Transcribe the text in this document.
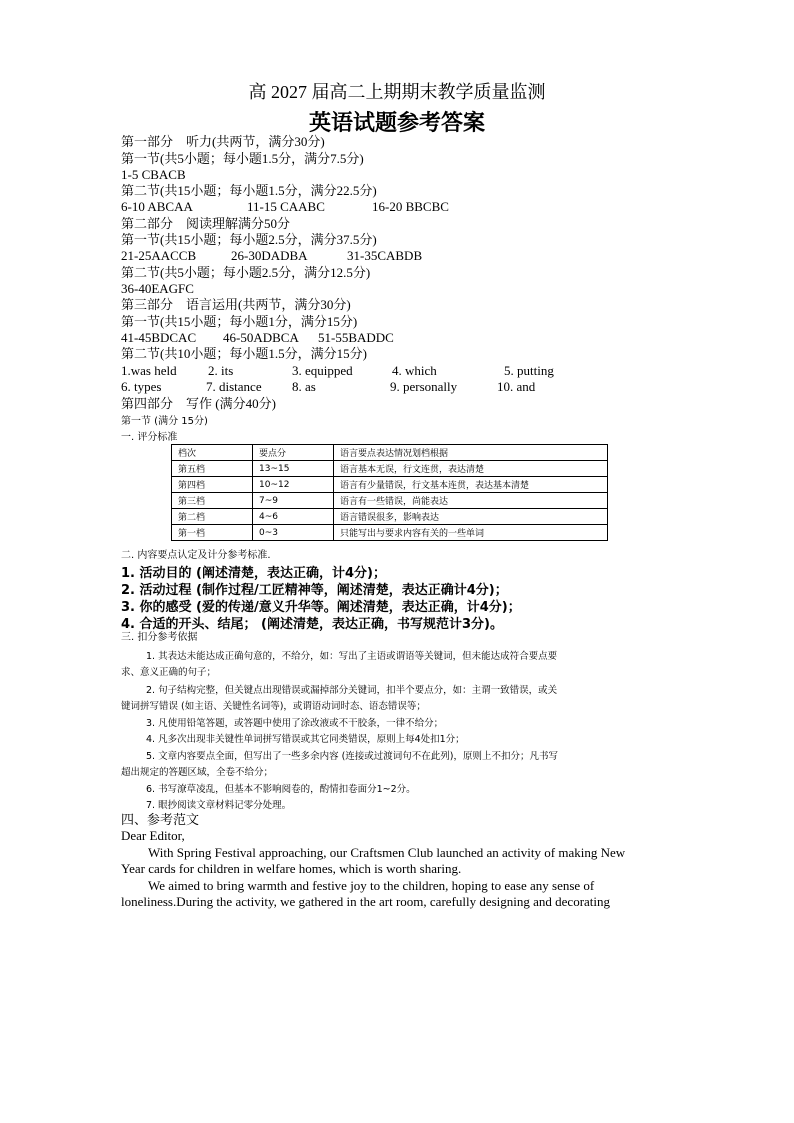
高 2027 届高二上期期末教学质量监测
英语试题参考答案
第一部分　听力(共两节，满分30分)
第一节(共5小题；每小题1.5分，满分7.5分)
1-5 CBACB
第二节(共15小题；每小题1.5分，满分22.5分)
6-10 ABCAA	11-15 CAABC	16-20 BBCBC
第二部分　阅读理解满分50分
第一节(共15小题；每小题2.5分，满分37.5分)
21-25AACCB	26-30DADBA	31-35CABDB
第二节(共5小题；每小题2.5分，满分12.5分)
36-40EAGFC
第三部分　语言运用(共两节，满分30分)
第一节(共15小题；每小题1分，满分15分)
41-45BDCAC 46-50ADBCA 51-55BADDC
第二节(共10小题；每小题1.5分，满分15分)
1.was held 2. its	3. equipped	4. which	5. putting
6. types	7. distance 8. as	9. personally	10. and
第四部分　写作 (满分40分)
第一节 (满分 15分)
一. 评分标准
档次	要点分	语言要点表达情况划档根据
第五档	13~15	语言基本无误，行文连贯，表达清楚
第四档	10~12	语言有少量错误，行文基本连贯，表达基本清楚
第三档	7~9	语言有一些错误，尚能表达
第二档	4~6	语言错误很多，影响表达
第一档	0~3	只能写出与要求内容有关的一些单词
二. 内容要点认定及计分参考标准.
1. 活动目的 (阐述清楚，表达正确，计4分)；
2. 活动过程 (制作过程/工匠精神等，阐述清楚，表达正确计4分)；
3. 你的感受 (爱的传递/意义升华等。阐述清楚，表达正确，计4分)；
4. 合适的开头、结尾； (阐述清楚，表达正确，书写规范计3分)。
三. 扣分参考依据
1. 其表达未能达成正确句意的，不给分，如：写出了主语或谓语等关键词，但未能达成符合要点要
求、意义正确的句子；
2. 句子结构完整，但关键点出现错误或漏掉部分关键词，扣半个要点分，如：主谓一致错误，或关
键词拼写错误 (如主语、关键性名词等)，或谓语动词时态、语态错误等；
3. 凡使用铅笔答题，或答题中使用了涂改液或不干胶条，一律不给分；
4. 凡多次出现非关键性单词拼写错误或其它同类错误，原则上每4处扣1分；
5. 文章内容要点全面，但写出了一些多余内容 (连接或过渡词句不在此列)，原则上不扣分；凡书写
超出规定的答题区域，全卷不给分；
6. 书写潦草凌乱，但基本不影响阅卷的，酌情扣卷面分1~2分。
7. 眼抄阅读文章材料记零分处理。
四、参考范文
Dear Editor,
With Spring Festival approaching, our Craftsmen Club launched an activity of making New
Year cards for children in welfare homes, which is worth sharing.
We aimed to bring warmth and festive joy to the children, hoping to ease any sense of
loneliness.During the activity, we gathered in the art room, carefully designing and decorating
